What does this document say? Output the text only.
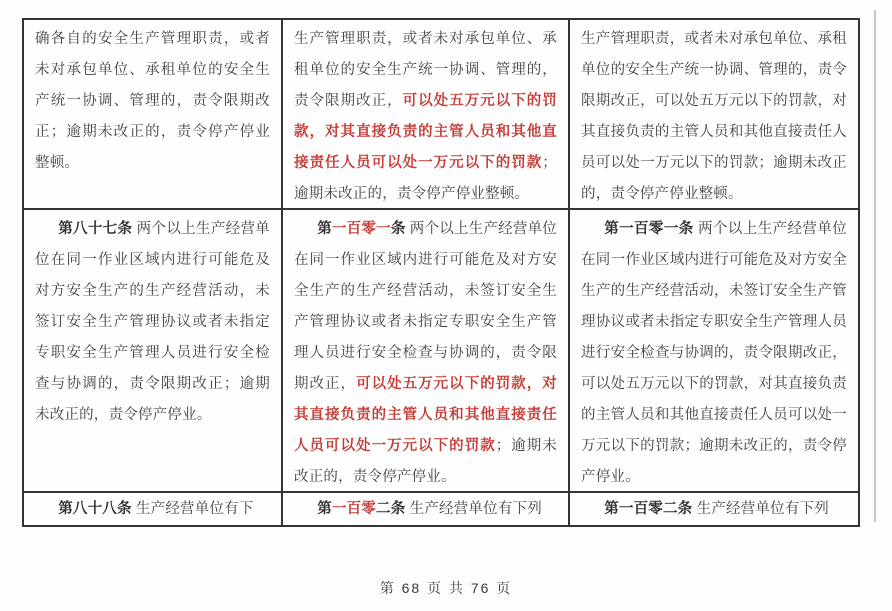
确各自的安全生产管理职责，或者未对承包单位、承租单位的安全生产统一协调、管理的，责令限期改正；逾期未改正的，责令停产停业整顿。

生产管理职责，或者未对承包单位、承租单位的安全生产统一协调、管理的，责令限期改正，可以处五万元以下的罚款，对其直接负责的主管人员和其他直接责任人员可以处一万元以下的罚款；逾期未改正的，责令停产停业整顿。

生产管理职责，或者未对承包单位、承租单位的安全生产统一协调、管理的，责令限期改正，可以处五万元以下的罚款，对其直接负责的主管人员和其他直接责任人员可以处一万元以下的罚款；逾期未改正的，责令停产停业整顿。

第八十七条 两个以上生产经营单位在同一作业区域内进行可能危及对方安全生产的生产经营活动，未签订安全生产管理协议或者未指定专职安全生产管理人员进行安全检查与协调的，责令限期改正；逾期未改正的，责令停产停业。

第一百零一条 两个以上生产经营单位在同一作业区域内进行可能危及对方安全生产的生产经营活动，未签订安全生产管理协议或者未指定专职安全生产管理人员进行安全检查与协调的，责令限期改正，可以处五万元以下的罚款，对其直接负责的主管人员和其他直接责任人员可以处一万元以下的罚款；逾期未改正的，责令停产停业。

第一百零一条 两个以上生产经营单位在同一作业区域内进行可能危及对方安全生产的生产经营活动，未签订安全生产管理协议或者未指定专职安全生产管理人员进行安全检查与协调的，责令限期改正，可以处五万元以下的罚款，对其直接负责的主管人员和其他直接责任人员可以处一万元以下的罚款；逾期未改正的，责令停产停业。

第八十八条 生产经营单位有下	第一百零二条 生产经营单位有下列	第一百零二条 生产经营单位有下列

第 68 页 共 76 页
